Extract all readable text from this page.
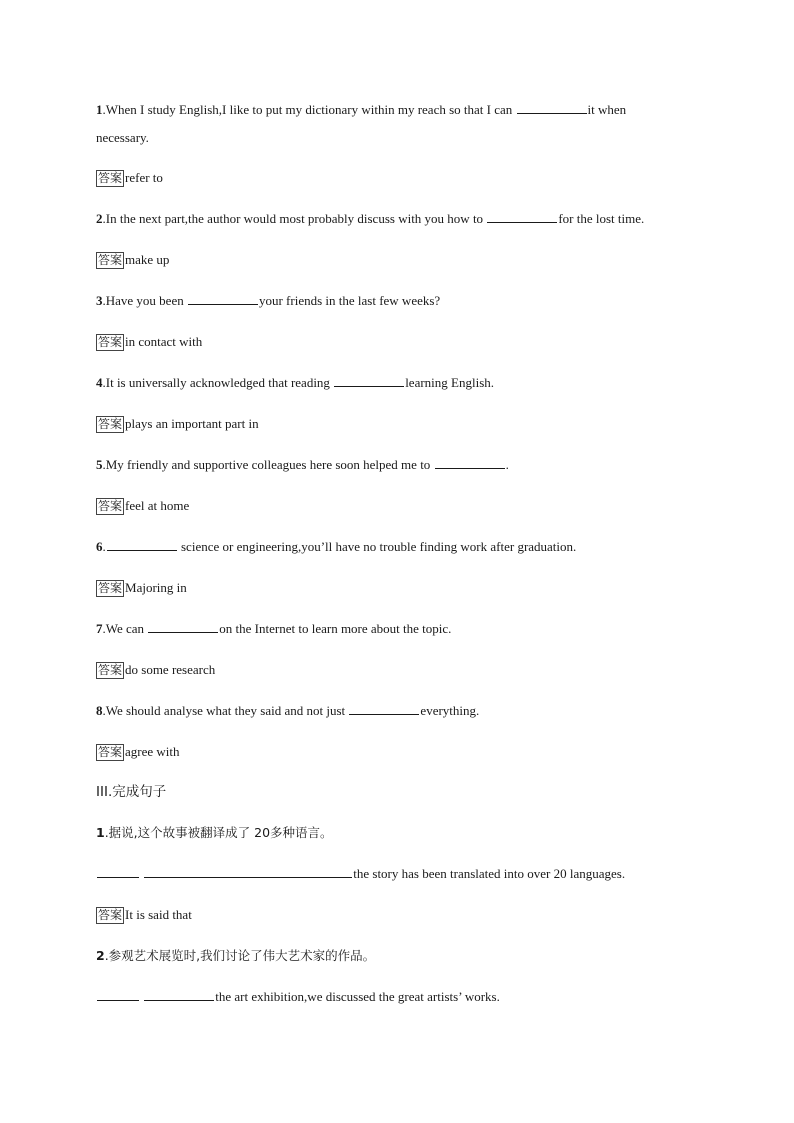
1.When I study English,I like to put my dictionary within my reach so that I can	it when
necessary.
答案 refer to
2.In the next part,the author would most probably discuss with you how to	for the lost time.
答案 make up
3.Have you been	your friends in the last few weeks?
答案 in contact with
4.It is universally acknowledged that reading	learning English.
答案 plays an important part in
5.My friendly and supportive colleagues here soon helped me to	.
答案 feel at home
6.	science or engineering,you’ll have no trouble finding work after graduation.
答案 Majoring in
7.We can	on the Internet to learn more about the topic.
答案 do some research
8.We should analyse what they said and not just	everything.
答案 agree with
III.完成句子
1.据说,这个故事被翻译成了 20多种语言。
the story has been translated into over 20 languages.
答案 It is said that
2.参观艺术展览时,我们讨论了伟大艺术家的作品。
the art exhibition,we discussed the great artists’ works.
